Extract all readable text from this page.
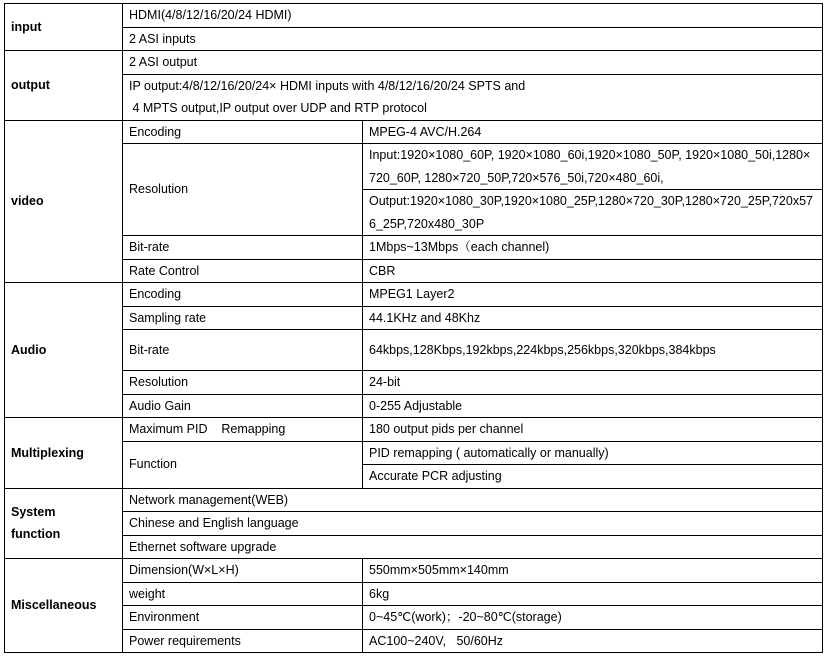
input	HDMI(4/8/12/16/20/24 HDMI)	
	2 ASI inputs	
output	2 ASI output	

	IP output:4/8/12/16/20/24× HDMI inputs with 4/8/12/16/20/24 SPTS and
4 MPTS output,IP output over UDP and RTP protocol	

video	Encoding	MPEG-4 AVC/H.264
	Resolution	Input:1920×1080_60P, 1920×1080_60i,1920×1080_50P, 1920×1080_50i,1280×720_60P, 1280×720_50P,720×576_50i,720×480_60i,
		Output:1920×1080_30P,1920×1080_25P,1280×720_30P,1280×720_25P,720x576_25P,720x480_30P
	Bit-rate	1Mbps~13Mbps（each channel)
	Rate Control	CBR
Audio	Encoding	MPEG1 Layer2
	Sampling rate	44.1KHz and 48Khz
	Bit-rate	64kbps,128Kbps,192kbps,224kbps,256kbps,320kbps,384kbps
	Resolution	24-bit
	Audio Gain	0-255 Adjustable
Multiplexing	Maximum PID    Remapping	180 output pids per channel
	Function	PID remapping ( automatically or manually)
		Accurate PCR adjusting

System
function	Network management(WEB)	
	Chinese and English language	
	Ethernet software upgrade	
Miscellaneous	Dimension(W×L×H)	550mm×505mm×140mm
	weight	6kg
	Environment	0~45℃(work)；-20~80℃(storage)
	Power requirements	AC100~240V,   50/60Hz
